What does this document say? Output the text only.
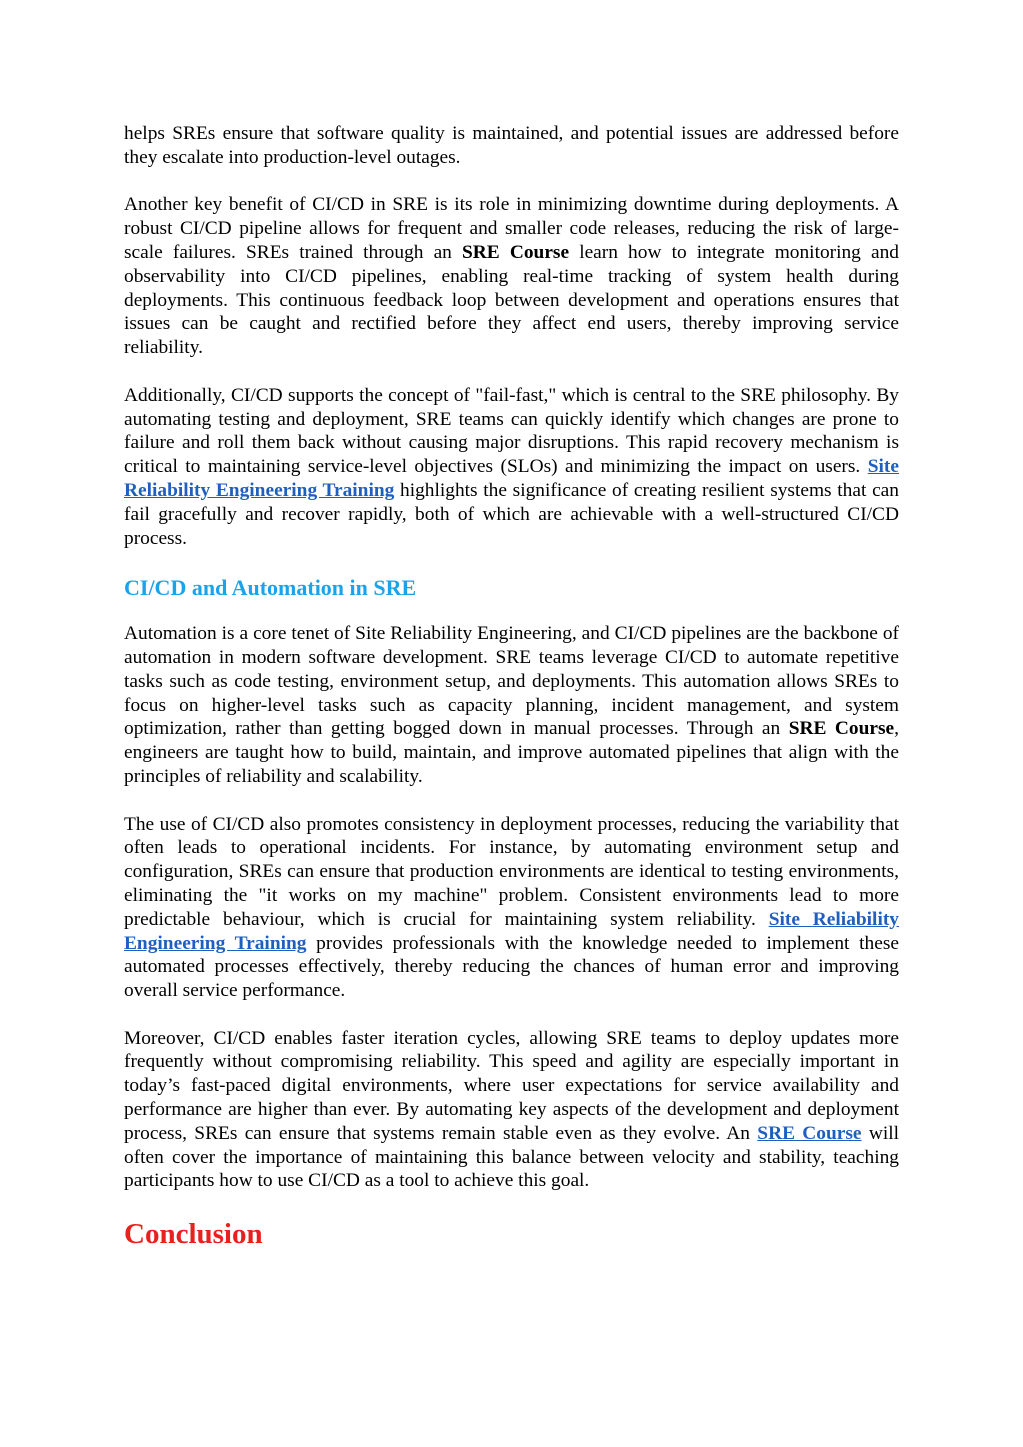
helps SREs ensure that software quality is maintained, and potential issues are addressed before they escalate into production-level outages.

Another key benefit of CI/CD in SRE is its role in minimizing downtime during deployments. A robust CI/CD pipeline allows for frequent and smaller code releases, reducing the risk of large-scale failures. SREs trained through an SRE Course learn how to integrate monitoring and observability into CI/CD pipelines, enabling real-time tracking of system health during deployments. This continuous feedback loop between development and operations ensures that issues can be caught and rectified before they affect end users, thereby improving service reliability.

Additionally, CI/CD supports the concept of "fail-fast," which is central to the SRE philosophy. By automating testing and deployment, SRE teams can quickly identify which changes are prone to failure and roll them back without causing major disruptions. This rapid recovery mechanism is critical to maintaining service-level objectives (SLOs) and minimizing the impact on users. Site Reliability Engineering Training highlights the significance of creating resilient systems that can fail gracefully and recover rapidly, both of which are achievable with a well-structured CI/CD process.

CI/CD and Automation in SRE

Automation is a core tenet of Site Reliability Engineering, and CI/CD pipelines are the backbone of automation in modern software development. SRE teams leverage CI/CD to automate repetitive tasks such as code testing, environment setup, and deployments. This automation allows SREs to focus on higher-level tasks such as capacity planning, incident management, and system optimization, rather than getting bogged down in manual processes. Through an SRE Course, engineers are taught how to build, maintain, and improve automated pipelines that align with the principles of reliability and scalability.

The use of CI/CD also promotes consistency in deployment processes, reducing the variability that often leads to operational incidents. For instance, by automating environment setup and configuration, SREs can ensure that production environments are identical to testing environments, eliminating the "it works on my machine" problem. Consistent environments lead to more predictable behaviour, which is crucial for maintaining system reliability. Site Reliability Engineering Training provides professionals with the knowledge needed to implement these automated processes effectively, thereby reducing the chances of human error and improving overall service performance.

Moreover, CI/CD enables faster iteration cycles, allowing SRE teams to deploy updates more frequently without compromising reliability. This speed and agility are especially important in today’s fast-paced digital environments, where user expectations for service availability and performance are higher than ever. By automating key aspects of the development and deployment process, SREs can ensure that systems remain stable even as they evolve. An SRE Course will often cover the importance of maintaining this balance between velocity and stability, teaching participants how to use CI/CD as a tool to achieve this goal.

Conclusion
